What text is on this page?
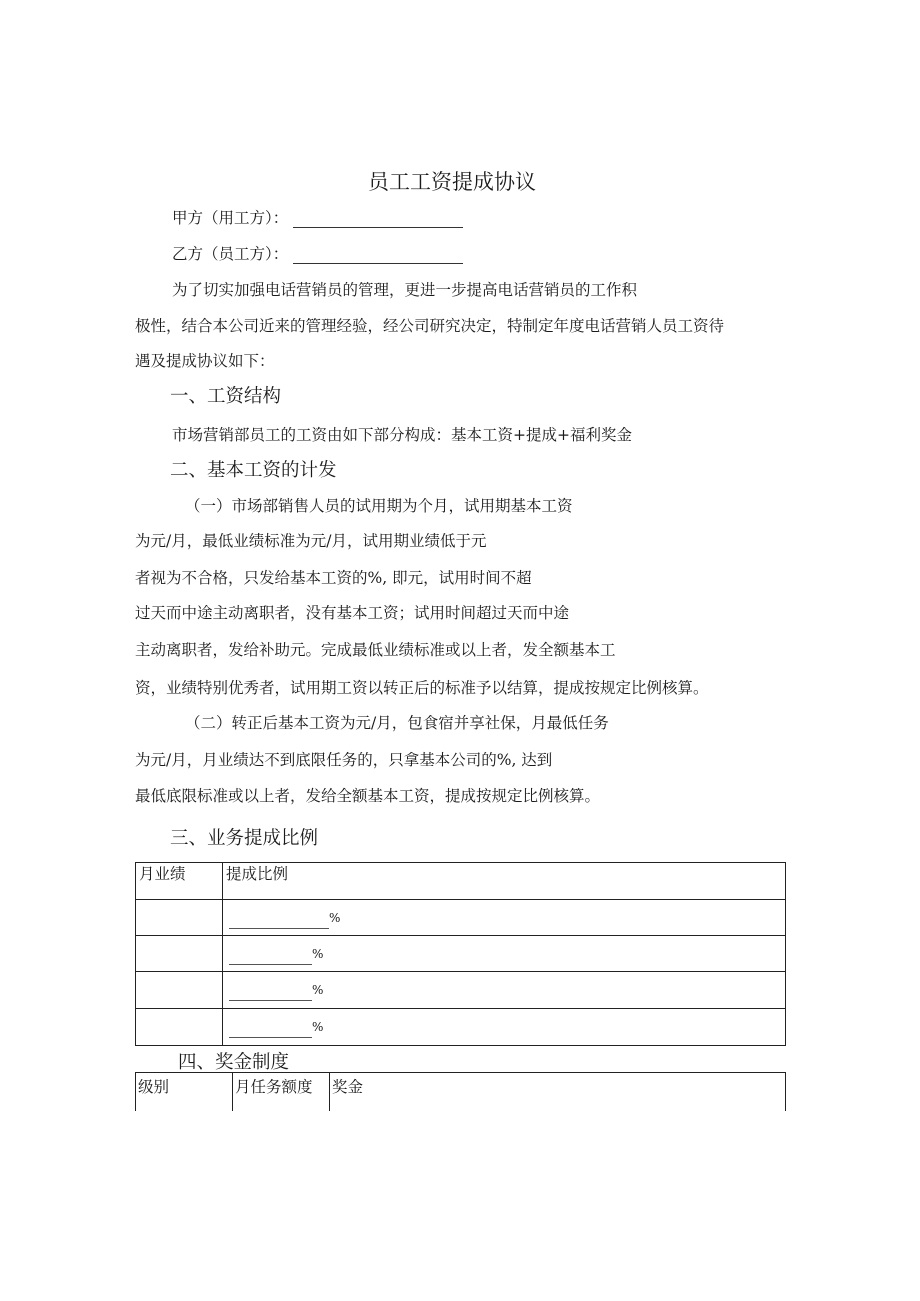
员工工资提成协议
甲方（用工方）：
乙方（员工方）：
为了切实加强电话营销员的管理，更进一步提高电话营销员的工作积
极性，结合本公司近来的管理经验，经公司研究决定，特制定年度电话营销人员工资待
遇及提成协议如下：
一、工资结构
市场营销部员工的工资由如下部分构成：基本工资+提成+福利奖金
二、基本工资的计发
（一）市场部销售人员的试用期为个月，试用期基本工资
为元/月，最低业绩标准为元/月，试用期业绩低于元
者视为不合格，只发给基本工资的%, 即元，试用时间不超
过天而中途主动离职者，没有基本工资；试用时间超过天而中途
主动离职者，发给补助元。完成最低业绩标准或以上者，发全额基本工
资，业绩特别优秀者，试用期工资以转正后的标准予以结算，提成按规定比例核算。
（二）转正后基本工资为元/月，包食宿并享社保，月最低任务
为元/月，月业绩达不到底限任务的，只拿基本公司的%, 达到
最低底限标准或以上者，发给全额基本工资，提成按规定比例核算。
三、业务提成比例
月业绩	提成比例
	%
	%
	%
	%
四、奖金制度
级别	月任务额度 奖金
